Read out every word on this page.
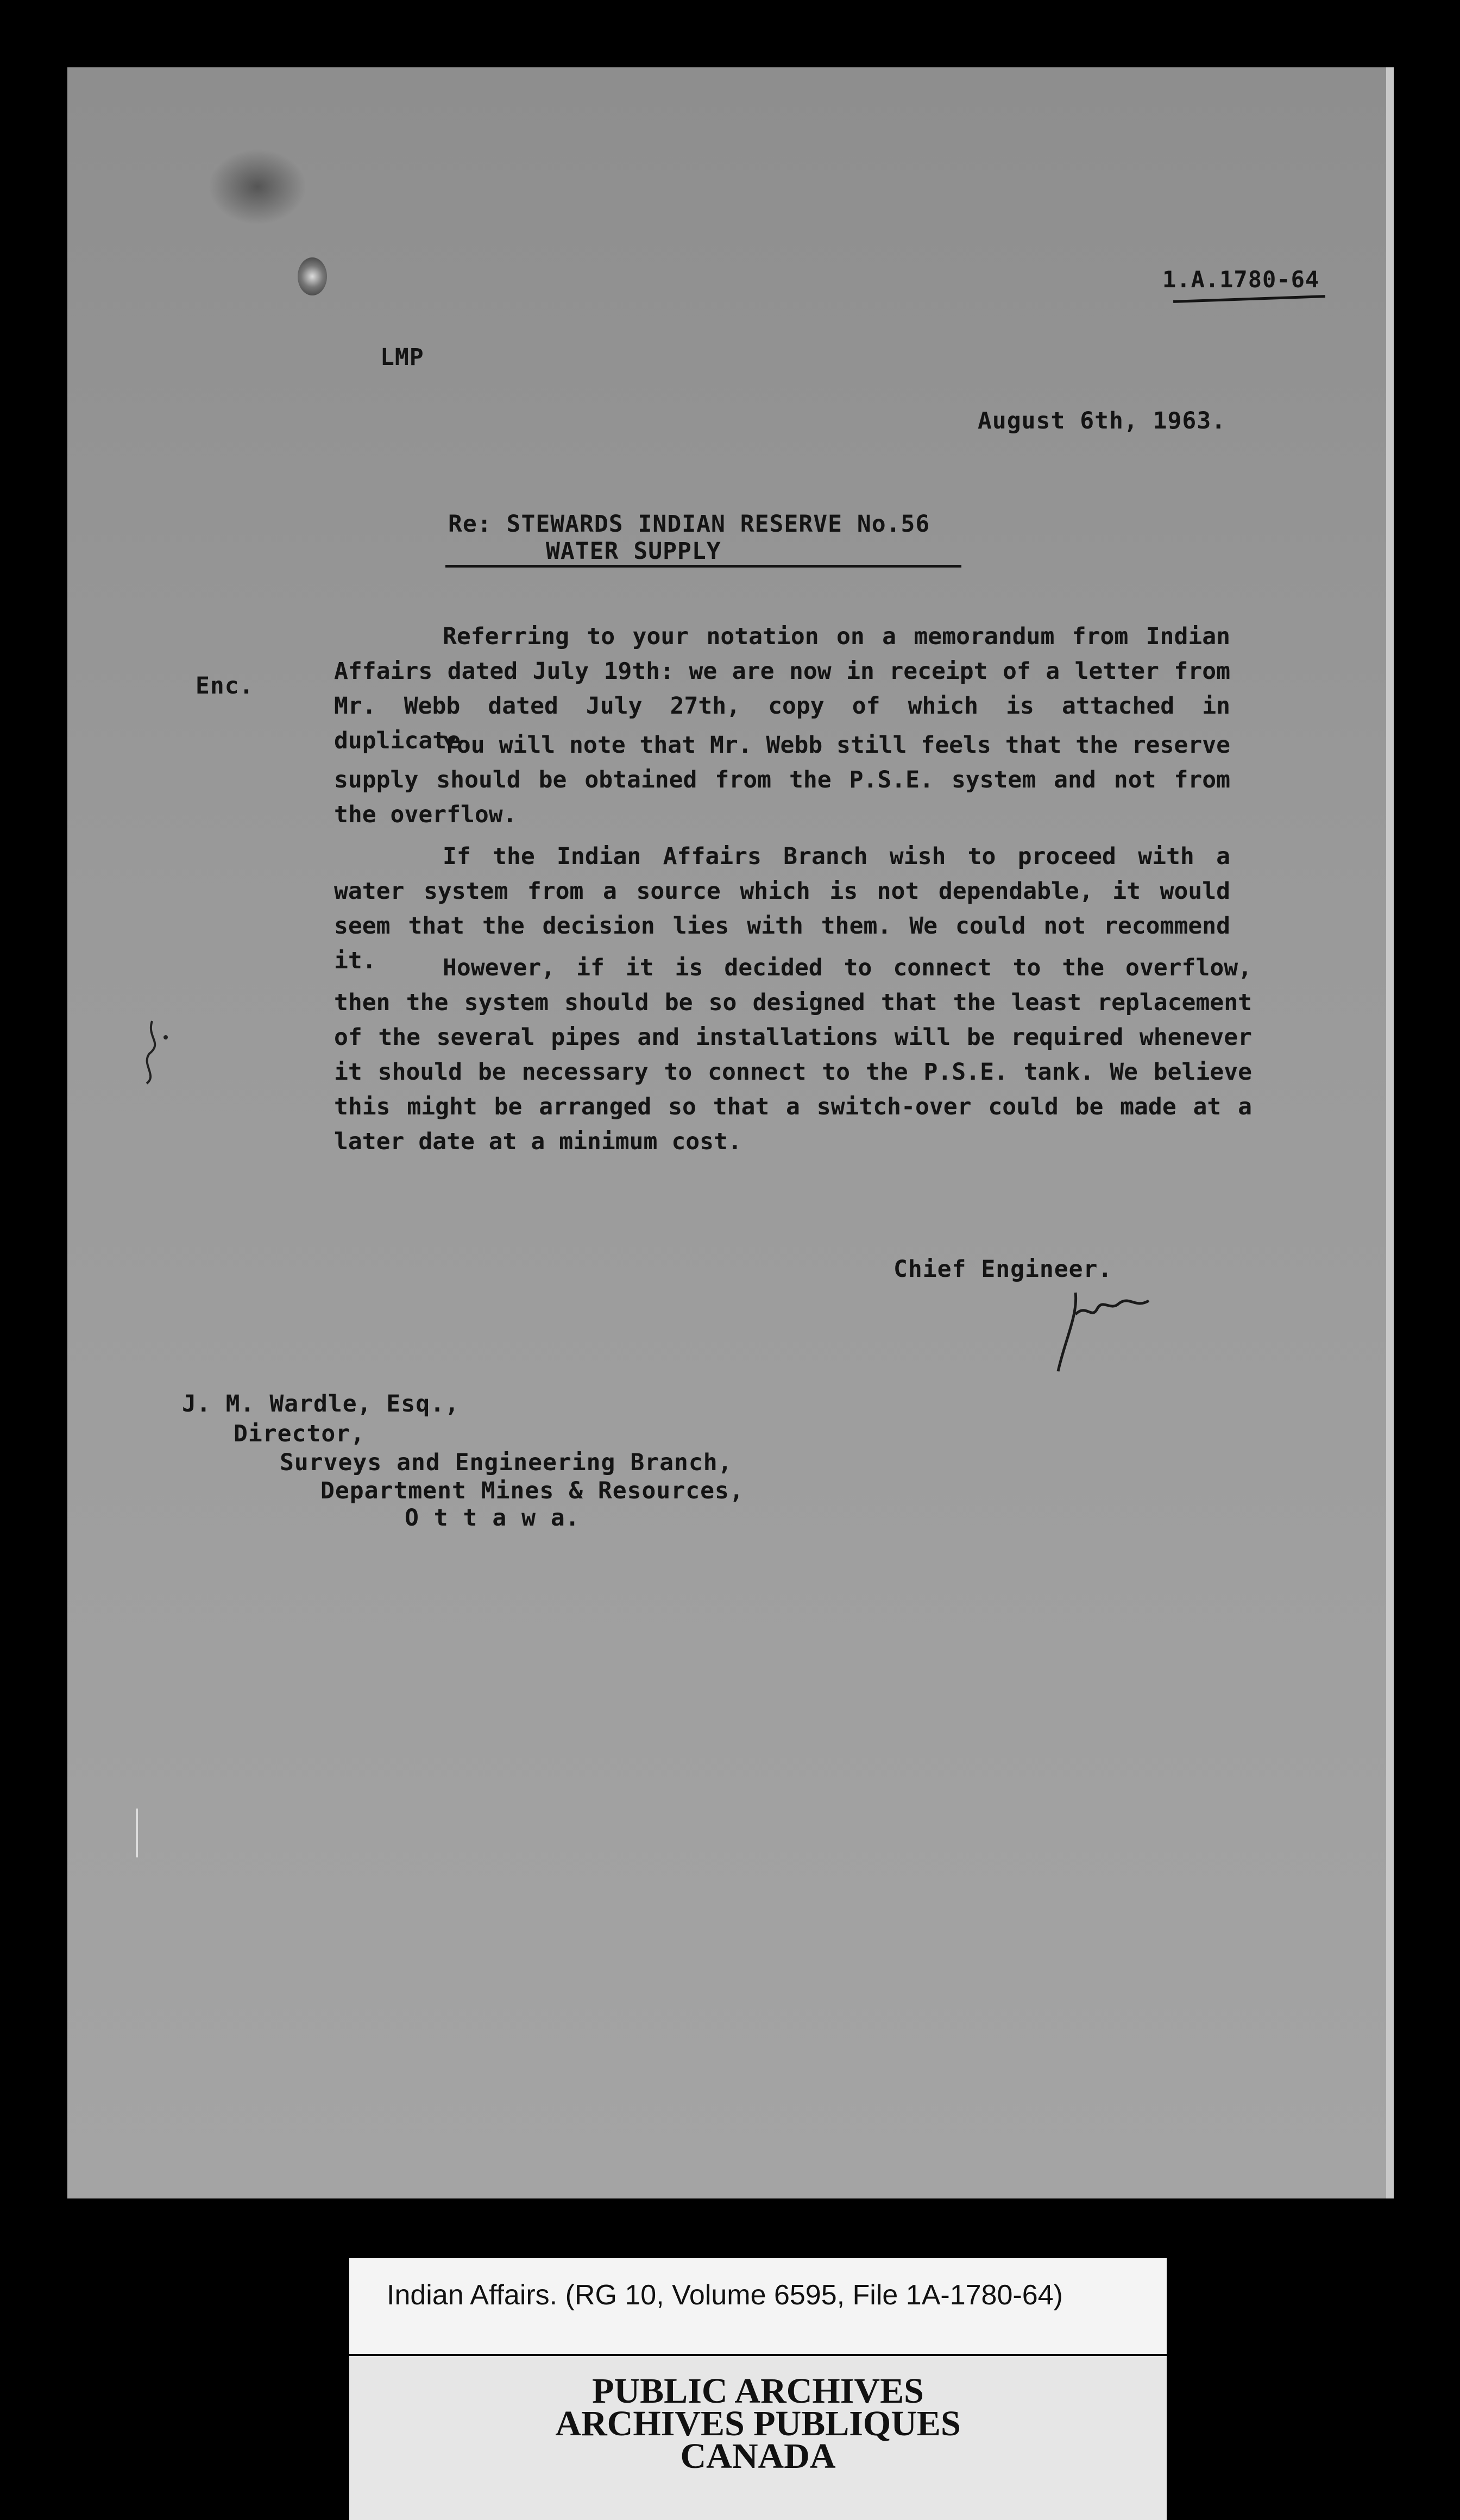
1.A.1780-64
LMP
August 6th, 1963.
Re: STEWARDS INDIAN RESERVE No.56
WATER SUPPLY
Enc.
Referring to your notation on a memorandum from Indian Affairs dated July 19th: we are now in receipt of a letter from Mr. Webb dated July 27th, copy of which is attached in duplicate.
You will note that Mr. Webb still feels that the reserve supply should be obtained from the P.S.E. system and not from the overflow.
If the Indian Affairs Branch wish to proceed with a water system from a source which is not dependable, it would seem that the decision lies with them. We could not recommend it.	However, if it is decided to connect to the overflow, then the system should be so designed that the least replacement of the several pipes and installations will be required whenever it should be necessary to connect to the P.S.E. tank. We believe this might be arranged so that a switch-over could be made at a later date at a minimum cost.
Chief Engineer.
J. M. Wardle, Esq.,
Director,
Surveys and Engineering Branch,
Department Mines & Resources,
O t t a w a.
Indian Affairs. (RG 10, Volume 6595, File 1A-1780-64)
PUBLIC ARCHIVES
ARCHIVES PUBLIQUES
CANADA
